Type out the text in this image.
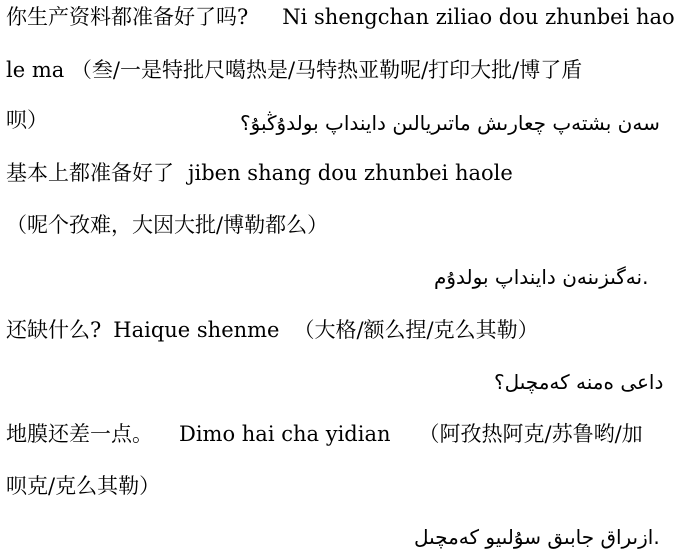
你生产资料都准备好了吗? Ni shengchan ziliao dou zhunbei hao
le ma （叁/一是特批尺噶热是/马特热亚勒呢/打印大批/博了盾
呗）	سەن بشتەپ چعارىش ماتىريالىن داينداپ بولدۇڭبۇ؟
基本上都准备好了 jiben shang dou zhunbei haole
（呢个孜难，大因大批/博勒都么）
.نەگىزىنەن داينداپ بولدۇم
还缺什么? Haique shenme （大格/额么捏/克么其勒）
داعى ەمنە كەمچىل؟
地膜还差一点。 Dimo hai cha yidian （阿孜热阿克/苏鲁哟/加
呗克/克么其勒）
.ازىراق جابىق سۇلىيو كەمچىل
